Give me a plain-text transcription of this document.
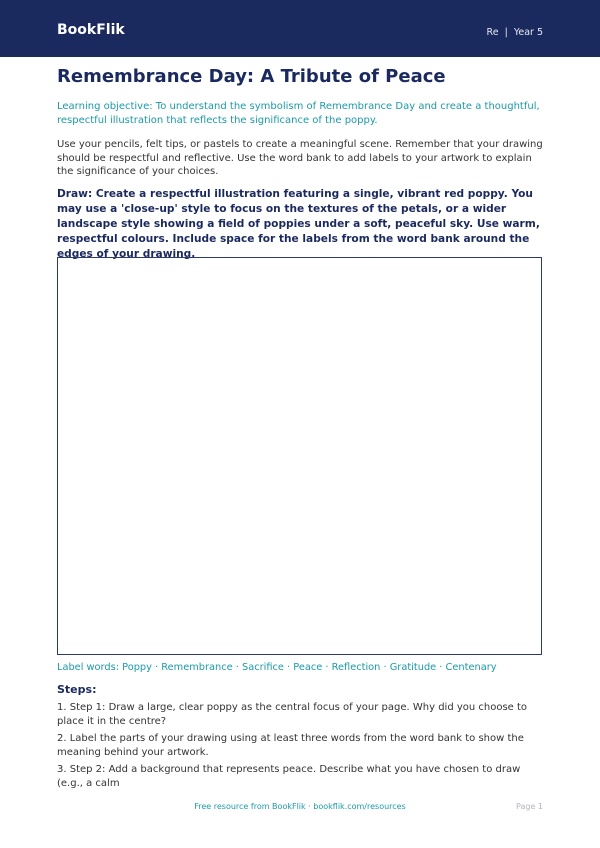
BookFlik	Re  |  Year 5
Remembrance Day: A Tribute of Peace
Learning objective: To understand the symbolism of Remembrance Day and create a thoughtful, respectful illustration that reflects the significance of the poppy.
Use your pencils, felt tips, or pastels to create a meaningful scene. Remember that your drawing should be respectful and reflective. Use the word bank to add labels to your artwork to explain the significance of your choices.
Draw: Create a respectful illustration featuring a single, vibrant red poppy. You may use a 'close-up' style to focus on the textures of the petals, or a wider landscape style showing a field of poppies under a soft, peaceful sky. Use warm, respectful colours. Include space for the labels from the word bank around the edges of your drawing.
Label words: Poppy · Remembrance · Sacrifice · Peace · Reflection · Gratitude · Centenary
Steps:

1. Step 1: Draw a large, clear poppy as the central focus of your page. Why did you choose to place it in the centre?

2. Label the parts of your drawing using at least three words from the word bank to show the meaning behind your artwork.

3. Step 2: Add a background that represents peace. Describe what you have chosen to draw (e.g., a calm

Free resource from BookFlik · bookflik.com/resources	Page 1
